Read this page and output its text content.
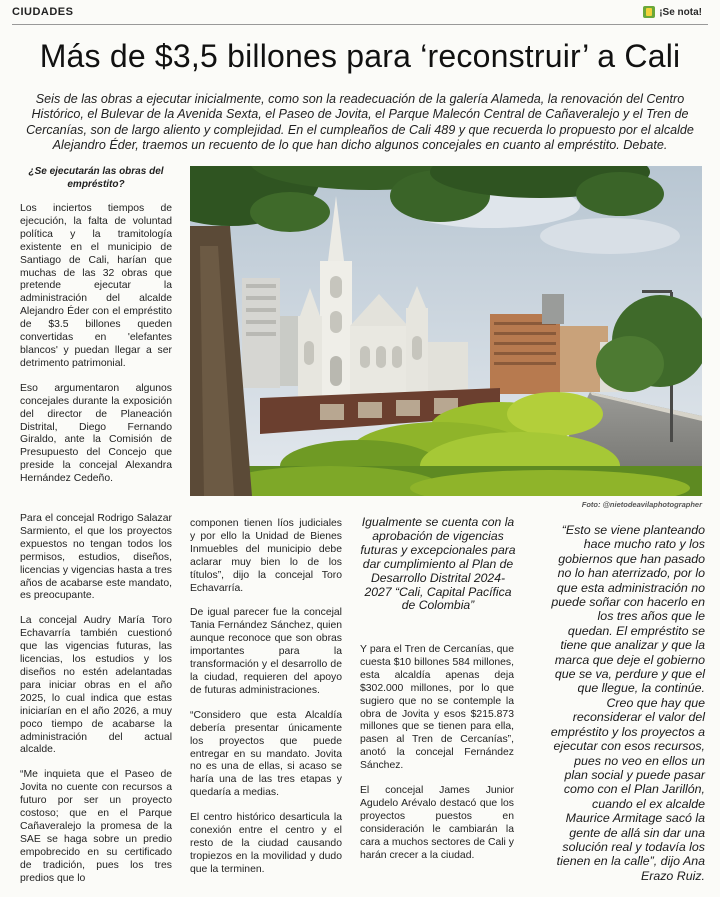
CIUDADES	¡Se nota!
Más de $3,5 billones para ‘reconstruir’ a Cali

Seis de las obras a ejecutar inicialmente, como son la readecuación de la galería Alameda, la renovación del Centro Histórico, el Bulevar de la Avenida Sexta, el Paseo de Jovita, el Parque Malecón Central de Cañaveralejo y el Tren de Cercanías, son de largo aliento y complejidad. En el cumpleaños de Cali 489 y que recuerda lo propuesto por el alcalde Alejandro Éder, traemos un recuento de lo que han dicho algunos concejales en cuanto al empréstito. Debate.

Foto: @nietodeavilaphotographer
¿Se ejecutarán las obras del empréstito?

Los inciertos tiempos de ejecución, la falta de voluntad política y la tramitología existente en el municipio de Santiago de Cali, harían que muchas de las 32 obras que pretende ejecutar la administración del alcalde Alejandro Éder con el empréstito de $3.5 billones queden convertidas en 'elefantes blancos' y puedan llegar a ser detrimento patrimonial.

Eso argumentaron algunos concejales durante la exposición del director de Planeación Distrital, Diego Fernando Giraldo, ante la Comisión de Presupuesto del Concejo que preside la concejal Alexandra Hernández Cedeño.

Para el concejal Rodrigo Salazar Sarmiento, el que los proyectos expuestos no tengan todos los permisos, estudios, diseños, licencias y vigencias hasta a tres años de acabarse este mandato, es preocupante.

La concejal Audry María Toro Echavarría también cuestionó que las vigencias futuras, las licencias, los estudios y los diseños no estén adelantadas para iniciar obras en el año 2025, lo cual indica que estas iniciarían en el año 2026, a muy poco tiempo de acabarse la administración del actual alcalde.

“Me inquieta que el Paseo de Jovita no cuente con recursos a futuro por ser un proyecto costoso; que en el Parque Cañaveralejo la promesa de la SAE se haga sobre un predio empobrecido en su certificado de tradición, pues los tres predios que lo

componen tienen líos judiciales y por ello la Unidad de Bienes Inmuebles del municipio debe aclarar muy bien lo de los títulos”, dijo la concejal Toro Echavarría.

De igual parecer fue la concejal Tania Fernández Sánchez, quien aunque reconoce que son obras importantes para la transformación y el desarrollo de la ciudad, requieren del apoyo de futuras administraciones.

“Considero que esta Alcaldía debería presentar únicamente los proyectos que puede entregar en su mandato. Jovita no es una de ellas, si acaso se haría una de las tres etapas y quedaría a medias.

El centro histórico desarticula la conexión entre el centro y el resto de la ciudad causando tropiezos en la movilidad y dudo que la terminen.

Igualmente se cuenta con la aprobación de vigencias futuras y excepcionales para dar cumplimiento al Plan de Desarrollo Distrital 2024-2027 “Cali, Capital Pacífica de Colombia”

Y para el Tren de Cercanías, que cuesta $10 billones 584 millones, esta alcaldía apenas deja $302.000 millones, por lo que sugiero que no se contemple la obra de Jovita y esos $215.873 millones que se tienen para ella, pasen al Tren de Cercanías”, anotó la concejal Fernández Sánchez.

El concejal James Junior Agudelo Arévalo destacó que los proyectos puestos en consideración le cambiarán la cara a muchos sectores de Cali y harán crecer a la ciudad.

“Esto se viene planteando hace mucho rato y los gobiernos que han pasado no lo han aterrizado, por lo que esta administración no puede soñar con hacerlo en los tres años que le quedan. El empréstito se tiene que analizar y que la marca que deje el gobierno que se va, perdure y que el que llegue, la continúe. Creo que hay que reconsiderar el valor del empréstito y los proyectos a ejecutar con esos recursos, pues no veo en ellos un plan social y puede pasar como con el Plan Jarillón, cuando el ex alcalde Maurice Armitage sacó la gente de allá sin dar una solución real y todavía los tienen en la calle”, dijo Ana Erazo Ruiz.
